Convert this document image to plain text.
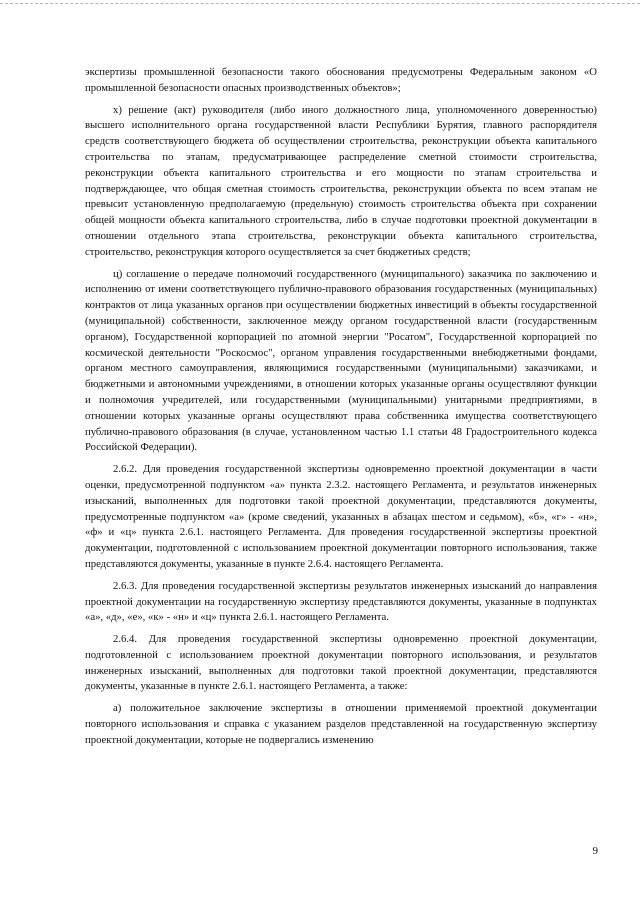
экспертизы промышленной безопасности такого обоснования предусмотрены Федеральным законом «О промышленной безопасности опасных производственных объектов»;

х) решение (акт) руководителя (либо иного должностного лица, уполномоченного доверенностью) высшего исполнительного органа государственной власти Республики Бурятия, главного распорядителя средств соответствующего бюджета об осуществлении строительства, реконструкции объекта капитального строительства по этапам, предусматривающее распределение сметной стоимости строительства, реконструкции объекта капитального строительства и его мощности по этапам строительства и подтверждающее, что общая сметная стоимость строительства, реконструкции объекта по всем этапам не превысит установленную предполагаемую (предельную) стоимость строительства объекта при сохранении общей мощности объекта капитального строительства, либо в случае подготовки проектной документации в отношении отдельного этапа строительства, реконструкции объекта капитального строительства, строительство, реконструкция которого осуществляется за счет бюджетных средств;

ц) соглашение о передаче полномочий государственного (муниципального) заказчика по заключению и исполнению от имени соответствующего публично-правового образования государственных (муниципальных) контрактов от лица указанных органов при осуществлении бюджетных инвестиций в объекты государственной (муниципальной) собственности, заключенное между органом государственной власти (государственным органом), Государственной корпорацией по атомной энергии "Росатом", Государственной корпорацией по космической деятельности "Роскосмос", органом управления государственными внебюджетными фондами, органом местного самоуправления, являющимися государственными (муниципальными) заказчиками, и бюджетными и автономными учреждениями, в отношении которых указанные органы осуществляют функции и полномочия учредителей, или государственными (муниципальными) унитарными предприятиями, в отношении которых указанные органы осуществляют права собственника имущества соответствующего публично-правового образования (в случае, установленном частью 1.1 статьи 48 Градостроительного кодекса Российской Федерации).

2.6.2. Для проведения государственной экспертизы одновременно проектной документации в части оценки, предусмотренной подпунктом «а» пункта 2.3.2. настоящего Регламента, и результатов инженерных изысканий, выполненных для подготовки такой проектной документации, представляются документы, предусмотренные подпунктом «а» (кроме сведений, указанных в абзацах шестом и седьмом), «б», «г» - «н», «ф» и «ц» пункта 2.6.1. настоящего Регламента. Для проведения государственной экспертизы проектной документации, подготовленной с использованием проектной документации повторного использования, также представляются документы, указанные в пункте 2.6.4. настоящего Регламента.

2.6.3. Для проведения государственной экспертизы результатов инженерных изысканий до направления проектной документации на государственную экспертизу представляются документы, указанные в подпунктах «а», «д», «е», «к» - «н» и «ц» пункта 2.6.1. настоящего Регламента.

2.6.4. Для проведения государственной экспертизы одновременно проектной документации, подготовленной с использованием проектной документации повторного использования, и результатов инженерных изысканий, выполненных для подготовки такой проектной документации, представляются документы, указанные в пункте 2.6.1. настоящего Регламента, а также:

а) положительное заключение экспертизы в отношении применяемой проектной документации повторного использования и справка с указанием разделов представленной на государственную экспертизу проектной документации, которые не подвергались изменению

9
